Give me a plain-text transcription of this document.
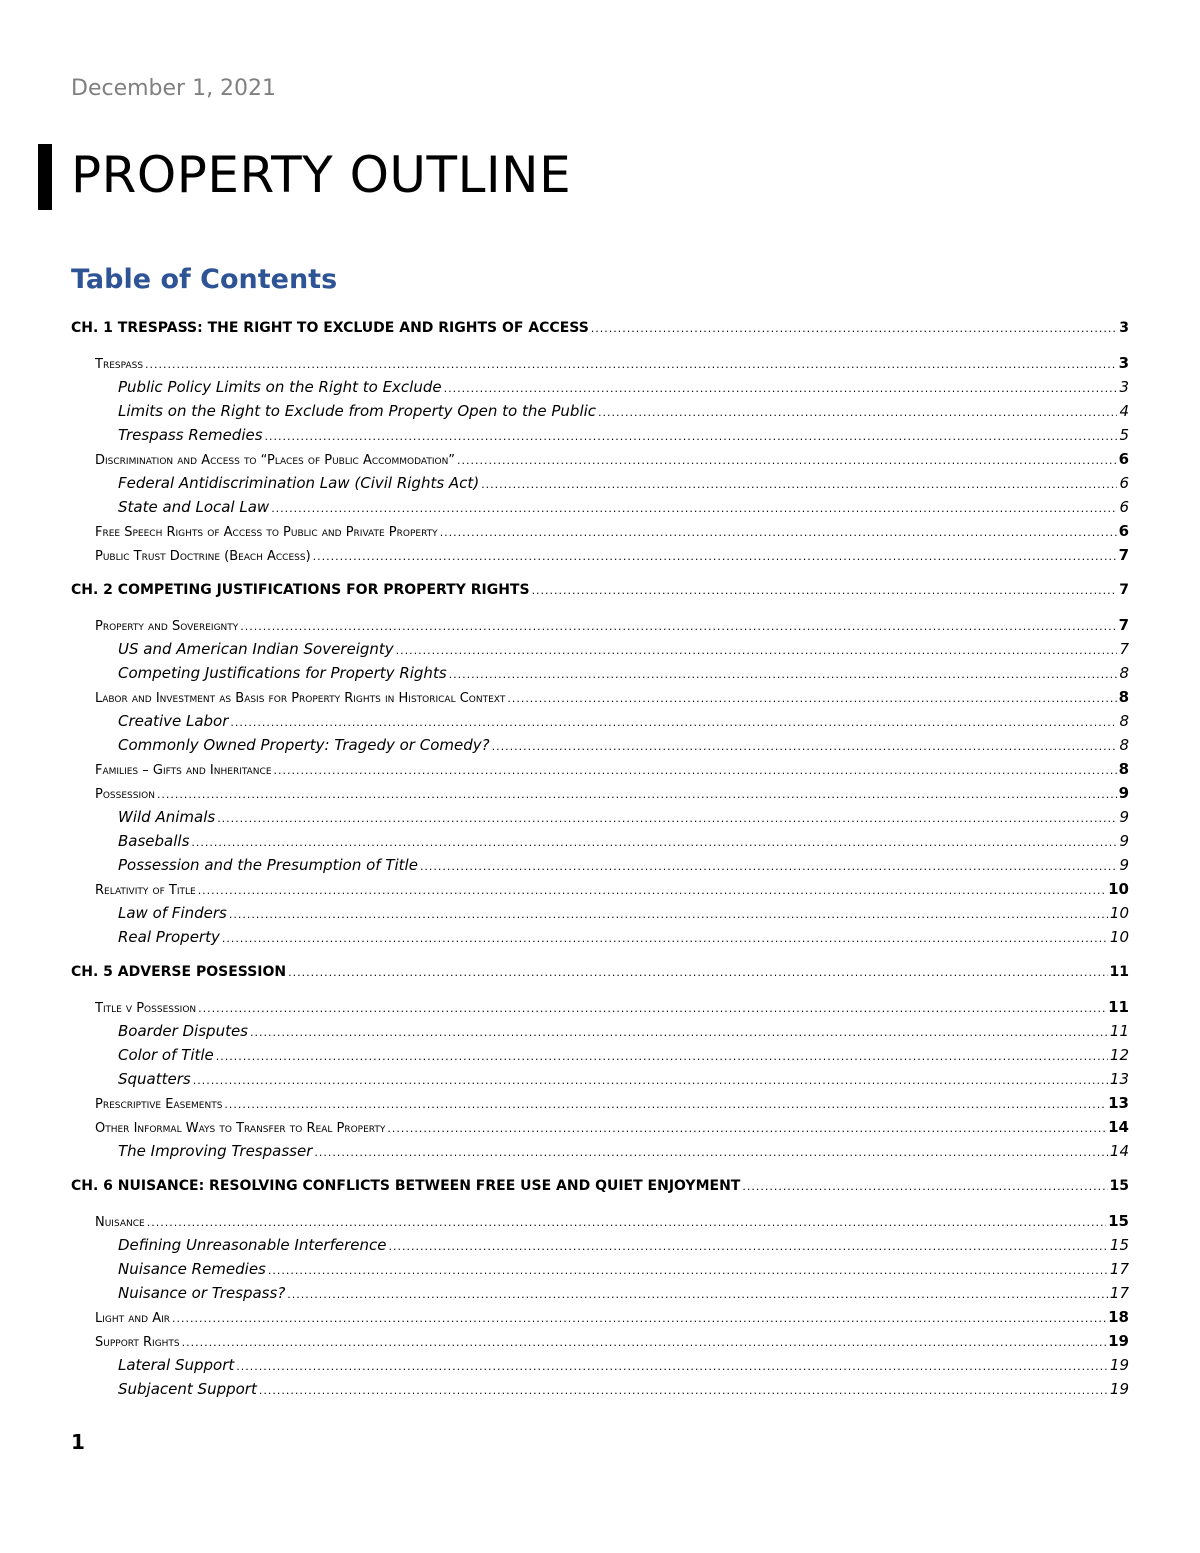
December 1, 2021
PROPERTY OUTLINE
Table of Contents
CH. 1 TRESPASS: THE RIGHT TO EXCLUDE AND RIGHTS OF ACCESS .....	3
Trespass .....	3
Public Policy Limits on the Right to Exclude .....	3
Limits on the Right to Exclude from Property Open to the Public .....	4
Trespass Remedies .....	5
Discrimination and Access to “Places of Public Accommodation” .....	6
Federal Antidiscrimination Law (Civil Rights Act) .....	6
State and Local Law .....	6
Free Speech Rights of Access to Public and Private Property .....	6
Public Trust Doctrine (Beach Access) .....	7
CH. 2 COMPETING JUSTIFICATIONS FOR PROPERTY RIGHTS .....	7
Property and Sovereignty .....	7
US and American Indian Sovereignty .....	7
Competing Justifications for Property Rights .....	8
Labor and Investment as Basis for Property Rights in Historical Context .....	8
Creative Labor .....	8
Commonly Owned Property: Tragedy or Comedy? .....	8
Families – Gifts and Inheritance .....	8
Possession .....	9
Wild Animals .....	9
Baseballs .....	9
Possession and the Presumption of Title .....	9
Relativity of Title .....	10
Law of Finders .....	10
Real Property .....	10
CH. 5 ADVERSE POSESSION .....	11
Title v Possession .....	11
Boarder Disputes .....	11
Color of Title .....	12
Squatters .....	13
Prescriptive Easements .....	13
Other Informal Ways to Transfer to Real Property .....	14
The Improving Trespasser .....	14
CH. 6 NUISANCE: RESOLVING CONFLICTS BETWEEN FREE USE AND QUIET ENJOYMENT .....	15
Nuisance .....	15
Defining Unreasonable Interference .....	15
Nuisance Remedies .....	17
Nuisance or Trespass? .....	17
Light and Air .....	18
Support Rights .....	19
Lateral Support .....	19
Subjacent Support .....	19
1
